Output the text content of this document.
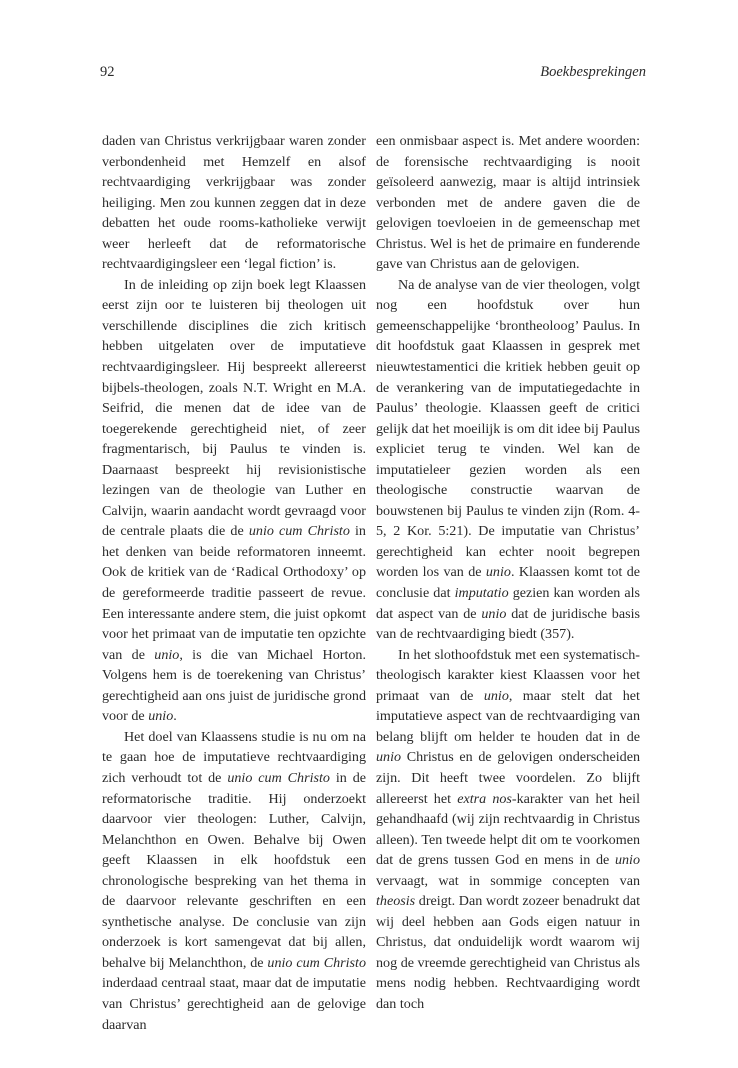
92	Boekbesprekingen

daden van Christus verkrijgbaar waren zonder verbondenheid met Hemzelf en alsof rechtvaardiging verkrijgbaar was zonder heiliging. Men zou kunnen zeggen dat in deze debatten het oude rooms-katholieke verwijt weer herleeft dat de reformatorische rechtvaardigingsleer een ‘legal fiction’ is.

In de inleiding op zijn boek legt Klaassen eerst zijn oor te luisteren bij theologen uit verschillende disciplines die zich kritisch hebben uitgelaten over de imputatieve rechtvaardigingsleer. Hij bespreekt allereerst bijbels-theologen, zoals N.T. Wright en M.A. Seifrid, die menen dat de idee van de toegerekende gerechtigheid niet, of zeer fragmentarisch, bij Paulus te vinden is. Daarnaast bespreekt hij revisionistische lezingen van de theologie van Luther en Calvijn, waarin aandacht wordt gevraagd voor de centrale plaats die de unio cum Christo in het denken van beide reformatoren inneemt. Ook de kritiek van de ‘Radical Orthodoxy’ op de gereformeerde traditie passeert de revue. Een interessante andere stem, die juist opkomt voor het primaat van de imputatie ten opzichte van de unio, is die van Michael Horton. Volgens hem is de toerekening van Christus’ gerechtigheid aan ons juist de juridische grond voor de unio.

Het doel van Klaassens studie is nu om na te gaan hoe de imputatieve rechtvaardiging zich verhoudt tot de unio cum Christo in de reformatorische traditie. Hij onderzoekt daarvoor vier theologen: Luther, Calvijn, Melanchthon en Owen. Behalve bij Owen geeft Klaassen in elk hoofdstuk een chronologische bespreking van het thema in de daarvoor relevante geschriften en een synthetische analyse. De conclusie van zijn onderzoek is kort samengevat dat bij allen, behalve bij Melanchthon, de unio cum Christo inderdaad centraal staat, maar dat de imputatie van Christus’ gerechtigheid aan de gelovige daarvan

een onmisbaar aspect is. Met andere woorden: de forensische rechtvaardiging is nooit geïsoleerd aanwezig, maar is altijd intrinsiek verbonden met de andere gaven die de gelovigen toevloeien in de gemeenschap met Christus. Wel is het de primaire en funderende gave van Christus aan de gelovigen.

Na de analyse van de vier theologen, volgt nog een hoofdstuk over hun gemeenschappelijke ‘brontheoloog’ Paulus. In dit hoofdstuk gaat Klaassen in gesprek met nieuwtestamentici die kritiek hebben geuit op de verankering van de imputatiegedachte in Paulus’ theologie. Klaassen geeft de critici gelijk dat het moeilijk is om dit idee bij Paulus expliciet terug te vinden. Wel kan de imputatieleer gezien worden als een theologische constructie waarvan de bouwstenen bij Paulus te vinden zijn (Rom. 4-5, 2 Kor. 5:21). De imputatie van Christus’ gerechtigheid kan echter nooit begrepen worden los van de unio. Klaassen komt tot de conclusie dat imputatio gezien kan worden als dat aspect van de unio dat de juridische basis van de rechtvaardiging biedt (357).

In het slothoofdstuk met een systematisch-theologisch karakter kiest Klaassen voor het primaat van de unio, maar stelt dat het imputatieve aspect van de rechtvaardiging van belang blijft om helder te houden dat in de unio Christus en de gelovigen onderscheiden zijn. Dit heeft twee voordelen. Zo blijft allereerst het extra nos-karakter van het heil gehandhaafd (wij zijn rechtvaardig in Christus alleen). Ten tweede helpt dit om te voorkomen dat de grens tussen God en mens in de unio vervaagt, wat in sommige concepten van theosis dreigt. Dan wordt zozeer benadrukt dat wij deel hebben aan Gods eigen natuur in Christus, dat onduidelijk wordt waarom wij nog de vreemde gerechtigheid van Christus als mens nodig hebben. Rechtvaardiging wordt dan toch
